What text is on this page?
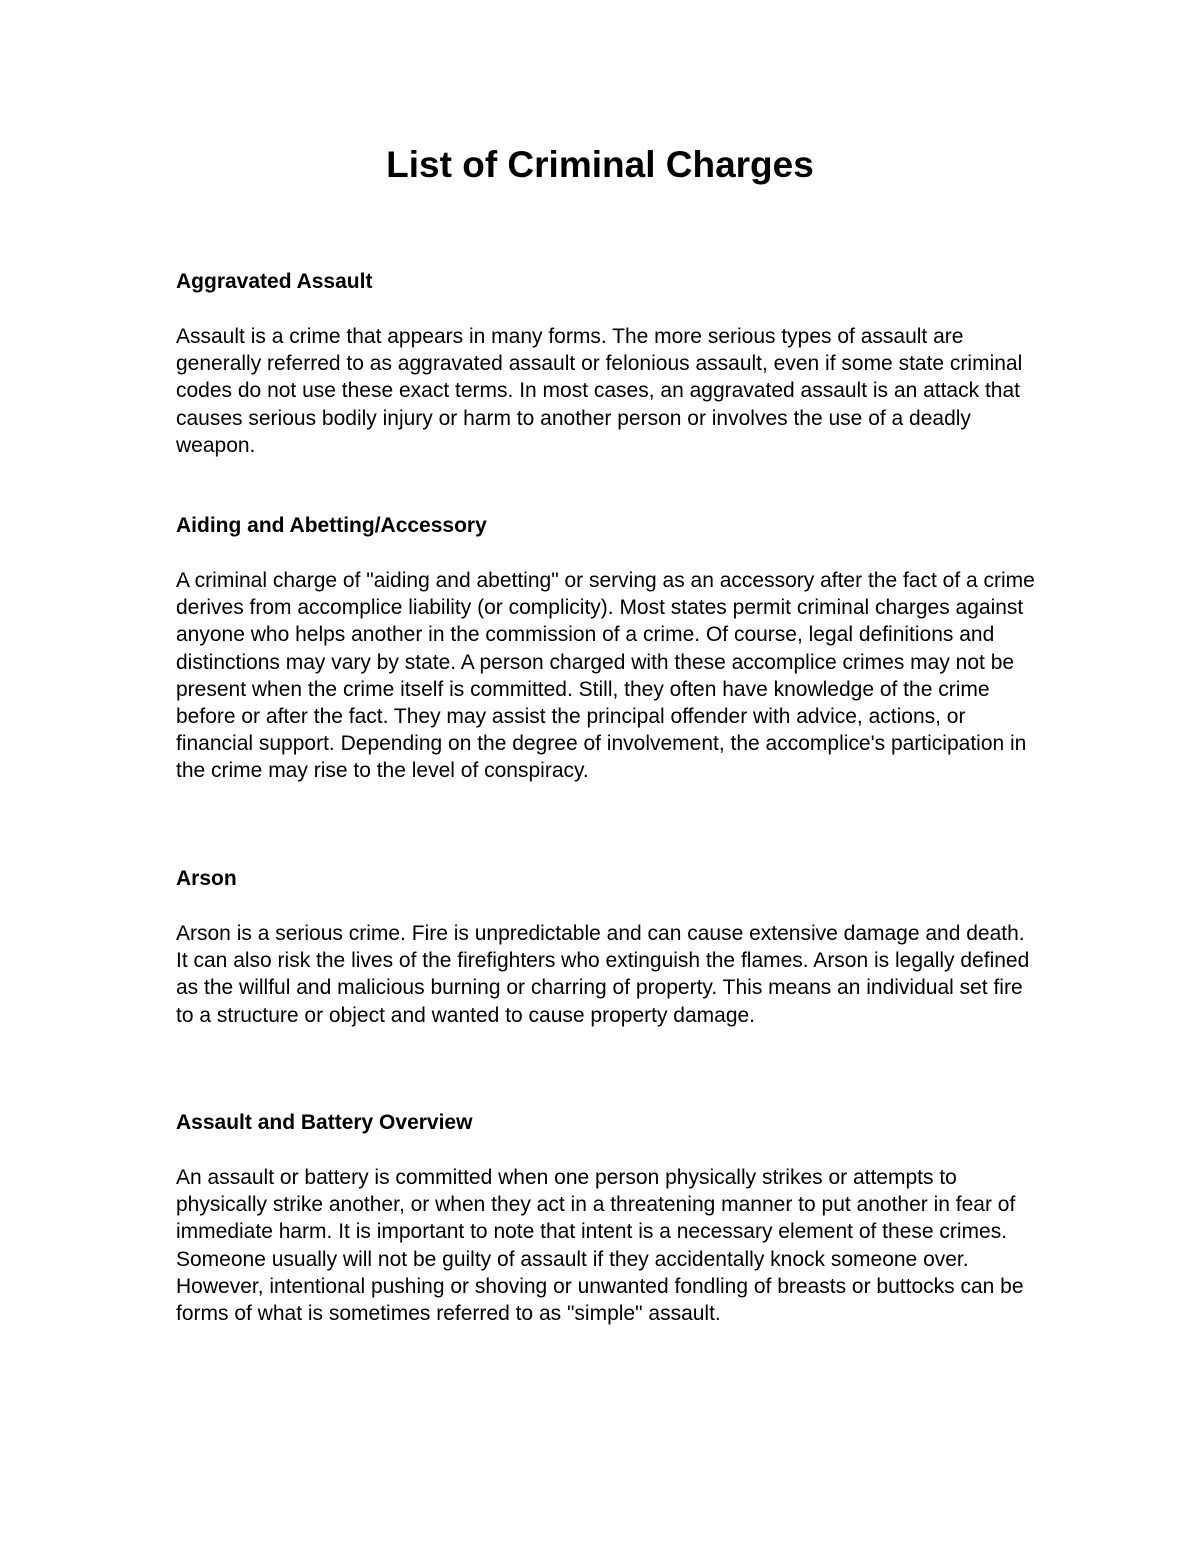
List of Criminal Charges
Aggravated Assault

Assault is a crime that appears in many forms. The more serious types of assault are generally referred to as aggravated assault or felonious assault, even if some state criminal codes do not use these exact terms. In most cases, an aggravated assault is an attack that causes serious bodily injury or harm to another person or involves the use of a deadly weapon.

Aiding and Abetting/Accessory

A criminal charge of "aiding and abetting" or serving as an accessory after the fact of a crime derives from accomplice liability (or complicity). Most states permit criminal charges against anyone who helps another in the commission of a crime. Of course, legal definitions and distinctions may vary by state. A person charged with these accomplice crimes may not be present when the crime itself is committed. Still, they often have knowledge of the crime before or after the fact. They may assist the principal offender with advice, actions, or financial support. Depending on the degree of involvement, the accomplice's participation in the crime may rise to the level of conspiracy.

Arson

Arson is a serious crime. Fire is unpredictable and can cause extensive damage and death. It can also risk the lives of the firefighters who extinguish the flames. Arson is legally defined as the willful and malicious burning or charring of property. This means an individual set fire to a structure or object and wanted to cause property damage.

Assault and Battery Overview

An assault or battery is committed when one person physically strikes or attempts to physically strike another, or when they act in a threatening manner to put another in fear of immediate harm. It is important to note that intent is a necessary element of these crimes. Someone usually will not be guilty of assault if they accidentally knock someone over. However, intentional pushing or shoving or unwanted fondling of breasts or buttocks can be forms of what is sometimes referred to as "simple" assault.
